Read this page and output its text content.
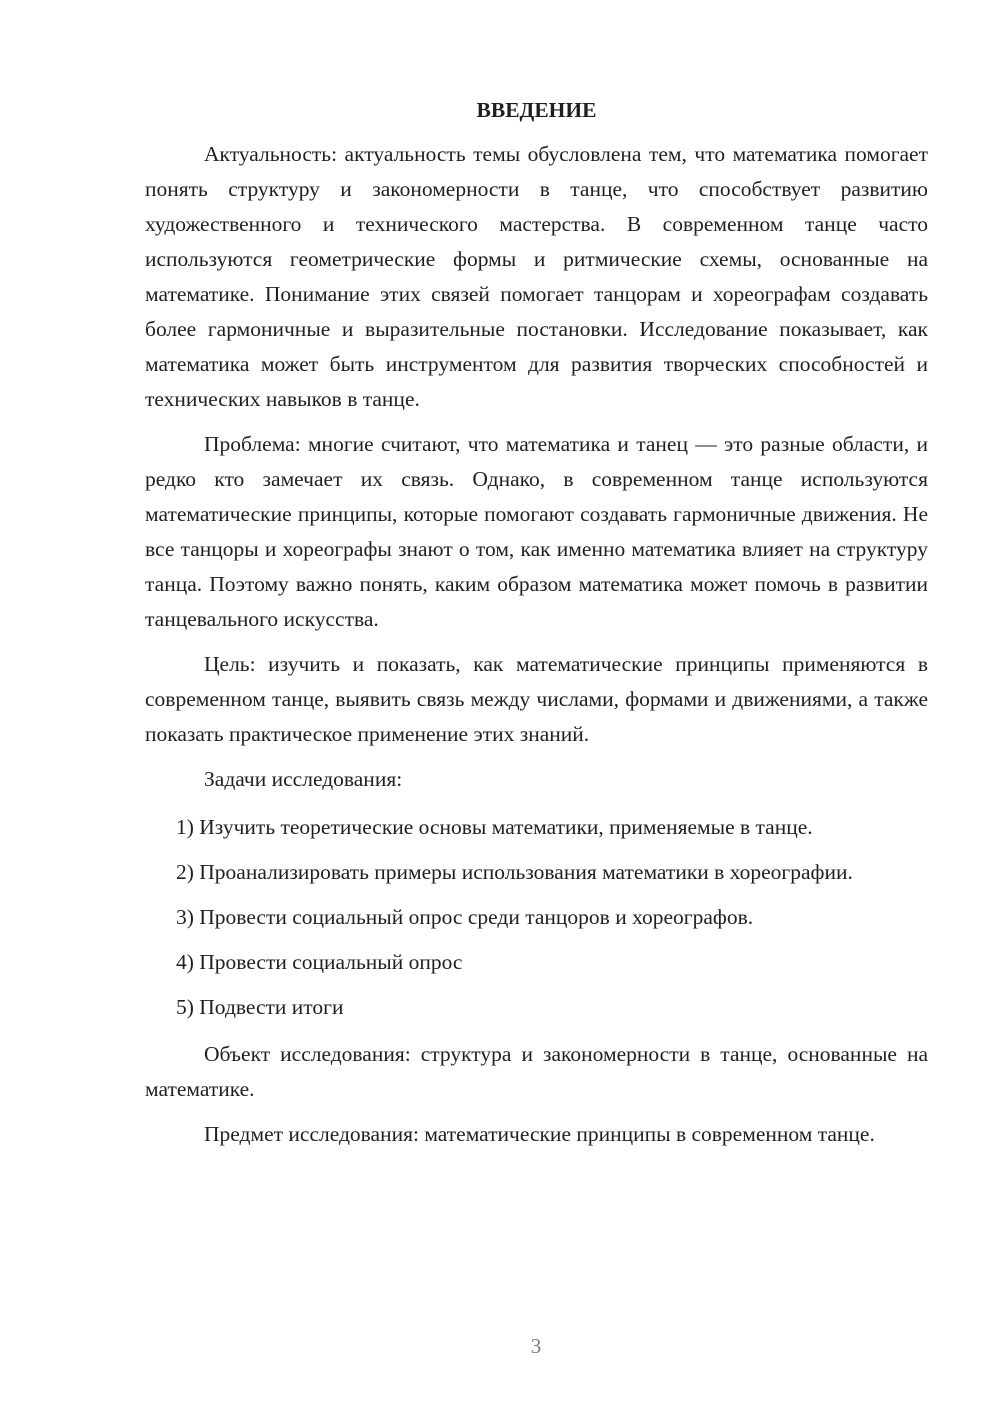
ВВЕДЕНИЕ

Актуальность: актуальность темы обусловлена тем, что математика помогает понять структуру и закономерности в танце, что способствует развитию художественного и технического мастерства. В современном танце часто используются геометрические формы и ритмические схемы, основанные на математике. Понимание этих связей помогает танцорам и хореографам создавать более гармоничные и выразительные постановки. Исследование показывает, как математика может быть инструментом для развития творческих способностей и технических навыков в танце.

Проблема: многие считают, что математика и танец — это разные области, и редко кто замечает их связь. Однако, в современном танце используются математические принципы, которые помогают создавать гармоничные движения. Не все танцоры и хореографы знают о том, как именно математика влияет на структуру танца. Поэтому важно понять, каким образом математика может помочь в развитии танцевального искусства.

Цель: изучить и показать, как математические принципы применяются в современном танце, выявить связь между числами, формами и движениями, а также показать практическое применение этих знаний.

Задачи исследования:

1) Изучить теоретические основы математики, применяемые в танце.

2) Проанализировать примеры использования математики в хореографии.

3) Провести социальный опрос среди танцоров и хореографов.

4) Провести социальный опрос

5) Подвести итоги

Объект исследования: структура и закономерности в танце, основанные на математике.

Предмет исследования: математические принципы в современном танце.

3
